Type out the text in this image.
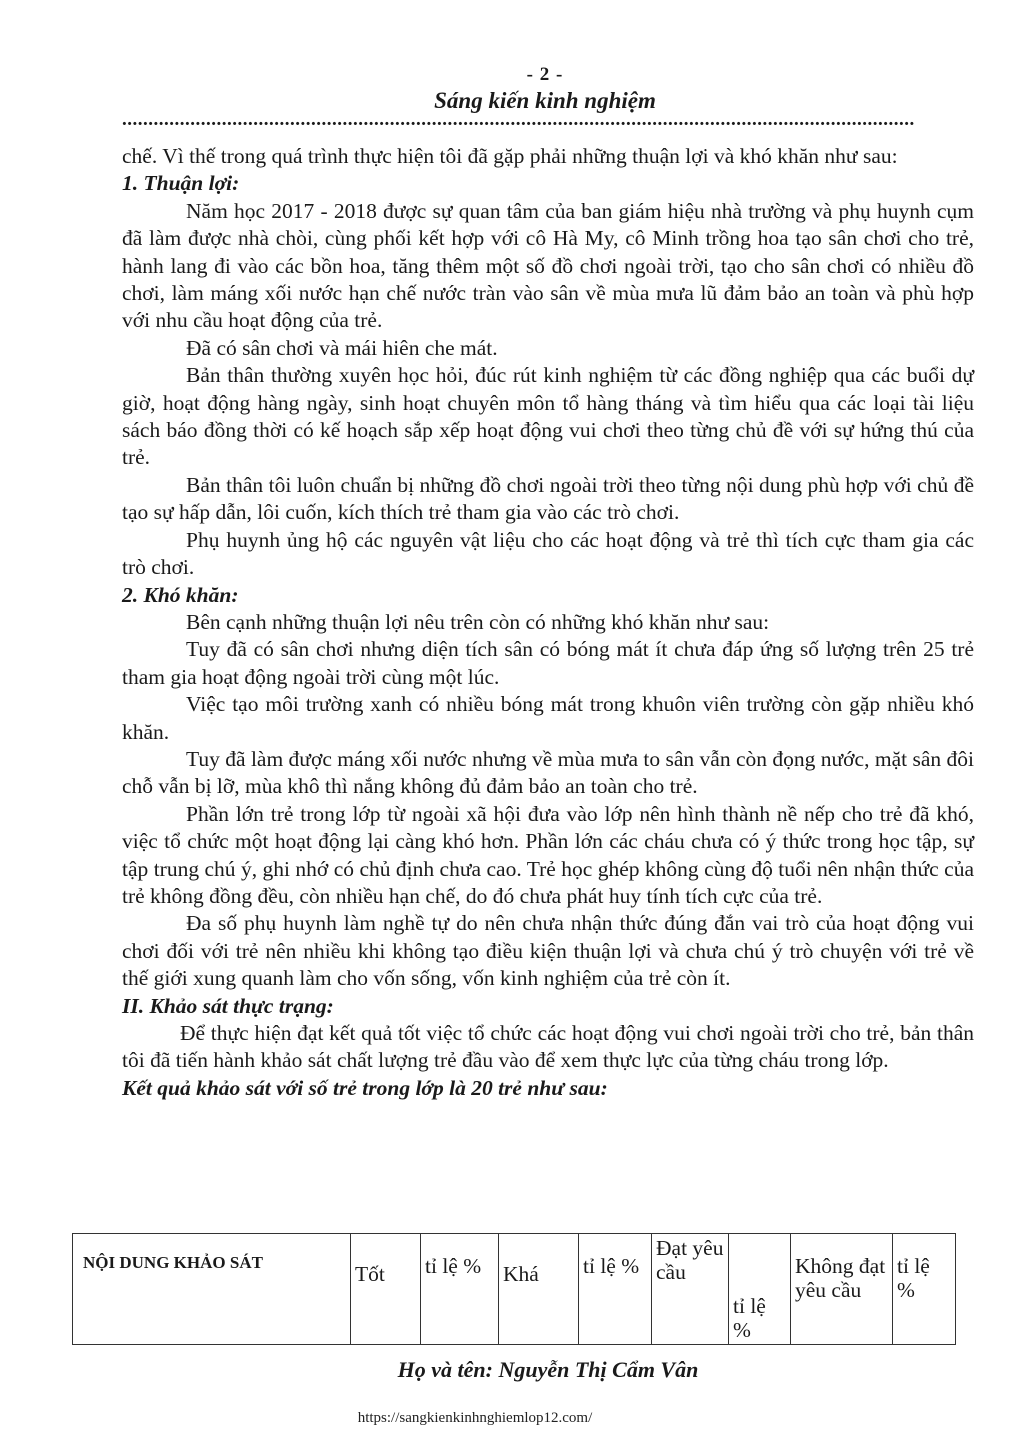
- 2 -
Sáng kiến kinh nghiệm
.......................................................................................................................................................

chế. Vì thế trong quá trình thực hiện tôi đã gặp phải những thuận lợi và khó khăn như sau:

1. Thuận lợi:

Năm học 2017 - 2018 được sự quan tâm của ban giám hiệu nhà trường và phụ huynh cụm đã làm được nhà chòi, cùng phối kết hợp với cô Hà My, cô Minh trồng hoa tạo sân chơi cho trẻ, hành lang đi vào các bồn hoa, tăng thêm một số đồ chơi ngoài trời, tạo cho sân chơi có nhiều đồ chơi, làm máng xối nước hạn chế nước tràn vào sân về mùa mưa lũ đảm bảo an toàn và phù hợp với nhu cầu hoạt động của trẻ.

Đã có sân chơi và mái hiên che mát.

Bản thân thường xuyên học hỏi, đúc rút kinh nghiệm từ các đồng nghiệp qua các buổi dự giờ, hoạt động hàng ngày, sinh hoạt chuyên môn tổ hàng tháng và tìm hiểu qua các loại tài liệu sách báo đồng thời có kế hoạch sắp xếp hoạt động vui chơi theo từng chủ đề với sự hứng thú của trẻ.

Bản thân tôi luôn chuẩn bị những đồ chơi ngoài trời theo từng nội dung phù hợp với chủ đề tạo sự hấp dẫn, lôi cuốn, kích thích trẻ tham gia vào các trò chơi.

Phụ huynh ủng hộ các nguyên vật liệu cho các hoạt động và trẻ thì tích cực tham gia các trò chơi.

2. Khó khăn:

Bên cạnh những thuận lợi nêu trên còn có những khó khăn như sau:

Tuy đã có sân chơi nhưng diện tích sân có bóng mát ít chưa đáp ứng số lượng trên 25 trẻ tham gia hoạt động ngoài trời cùng một lúc.

Việc tạo môi trường xanh có nhiều bóng mát trong khuôn viên trường còn gặp nhiều khó khăn.

Tuy đã làm được máng xối nước nhưng về mùa mưa to sân vẫn còn đọng nước, mặt sân đôi chỗ vẫn bị lỡ, mùa khô thì nắng không đủ đảm bảo an toàn cho trẻ.

Phần lớn trẻ trong lớp từ ngoài xã hội đưa vào lớp nên hình thành nề nếp cho trẻ đã khó, việc tổ chức một hoạt động lại càng khó hơn. Phần lớn các cháu chưa có ý thức trong học tập, sự tập trung chú ý, ghi nhớ có chủ định chưa cao. Trẻ học ghép không cùng độ tuổi nên nhận thức của trẻ không đồng đều, còn nhiều hạn chế, do đó chưa phát huy tính tích cực của trẻ.

Đa số phụ huynh làm nghề tự do nên chưa nhận thức đúng đắn vai trò của hoạt động vui chơi đối với trẻ nên nhiều khi không tạo điều kiện thuận lợi và chưa chú ý trò chuyện với trẻ về thế giới xung quanh làm cho vốn sống, vốn kinh nghiệm của trẻ còn ít.

II. Khảo sát thực trạng:

Để thực hiện đạt kết quả tốt việc tổ chức các hoạt động vui chơi ngoài trời cho trẻ, bản thân tôi đã tiến hành khảo sát chất lượng trẻ đầu vào để xem thực lực của từng cháu trong lớp.

Kết quả khảo sát với số trẻ trong lớp là 20 trẻ như sau:

NỘI DUNG KHẢO SÁT	Tốt	tỉ lệ %	Khá	tỉ lệ %	Đạt yêu cầu	tỉ lệ %	Không đạt yêu cầu	tỉ lệ %
Họ và tên: Nguyễn Thị Cẩm Vân
https://sangkienkinhnghiemlop12.com/
